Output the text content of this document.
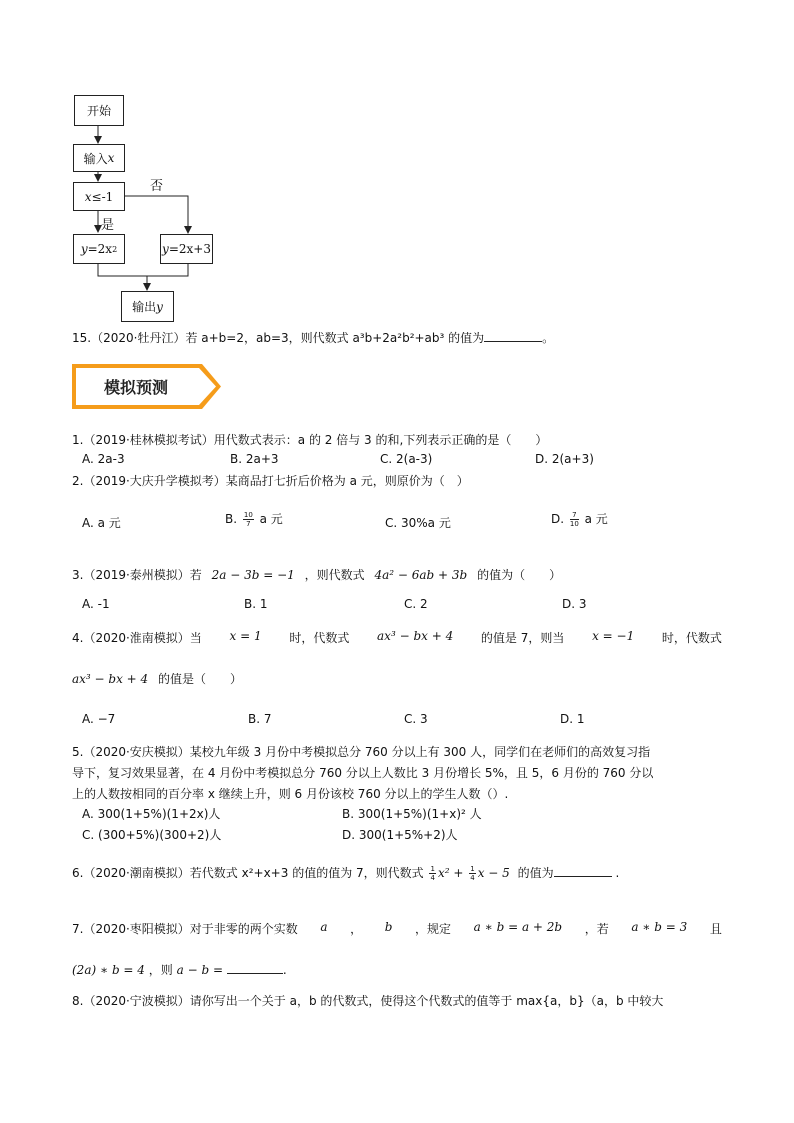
开始
输入 x
x ≤-1
否
是
y =2x 2	y =2x+3
输出 y
15.（2020·牡丹江）若 a+b=2，ab=3，则代数式 a³b+2a²b²+ab³ 的值为	。
模拟预测
1.（2019·桂林模拟考试）用代数式表示：a 的 2 倍与 3 的和,下列表示正确的是（　　）
A. 2a-3	B. 2a+3	C. 2(a-3)	D. 2(a+3)
2.（2019·大庆升学模拟考）某商品打七折后价格为 a 元，则原价为（　）
A. a 元	B. $\frac{10}{7}$ a 元	C. 30%a 元	D. $\frac{7}{10}$ a 元
3.（2019·泰州模拟）若 2a − 3b = −1 ，则代数式 4a² − 6ab + 3b 的值为（　　）
A. -1	B. 1	C. 2	D. 3
4.（2020·淮南模拟）当 x = 1 时，代数式 ax³ − bx + 4 的值是 7，则当 x = −1 时，代数式
ax³ − bx + 4 的值是（　　）
A. −7	B. 7	C. 3	D. 1
5.（2020·安庆模拟）某校九年级 3 月份中考模拟总分 760 分以上有 300 人，同学们在老师们的高效复习指
导下，复习效果显著，在 4 月份中考模拟总分 760 分以上人数比 3 月份增长 5%，且 5，6 月份的 760 分以
上的人数按相同的百分率 x 继续上升，则 6 月份该校 760 分以上的学生人数（）.
A. 300(1+5%)(1+2x)人	B. 300(1+5%)(1+x)² 人
C. (300+5%)(300+2)人	D. 300(1+5%+2)人
6.（2020·潮南模拟）若代数式 x²+x+3 的值的值为 7，则代数式 $\frac{1}{4} x^2 + \frac{1}{4}$ x − 5 的值为	.
7.（2020·枣阳模拟）对于非零的两个实数 a ， b ，规定 a ∗ b = a + 2b ，若 a ∗ b = 3 且
(2a) ∗ b = 4 ，则 a − b =	.
8.（2020·宁波模拟）请你写出一个关于 a，b 的代数式，使得这个代数式的值等于 max{a，b}（a，b 中较大
